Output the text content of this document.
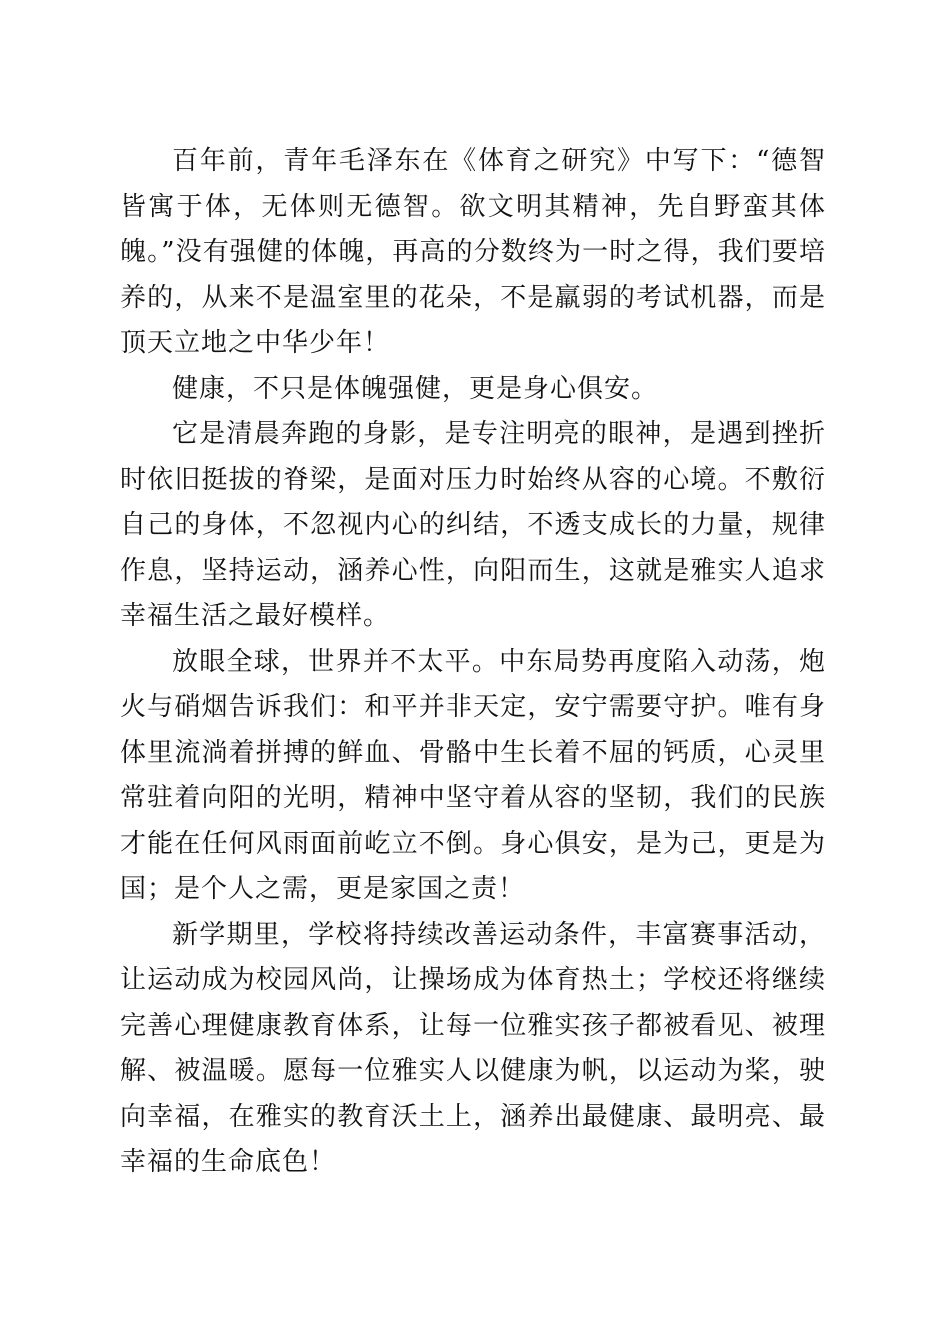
百年前，青年毛泽东在《体育之研究》中写下：“德智皆寓于体，无体则无德智。欲文明其精神，先自野蛮其体魄。”没有强健的体魄，再高的分数终为一时之得，我们要培养的，从来不是温室里的花朵，不是羸弱的考试机器，而是顶天立地之中华少年！

健康，不只是体魄强健，更是身心俱安。

它是清晨奔跑的身影，是专注明亮的眼神，是遇到挫折时依旧挺拔的脊梁，是面对压力时始终从容的心境。不敷衍自己的身体，不忽视内心的纠结，不透支成长的力量，规律作息，坚持运动，涵养心性，向阳而生，这就是雅实人追求幸福生活之最好模样。

放眼全球，世界并不太平。中东局势再度陷入动荡，炮火与硝烟告诉我们：和平并非天定，安宁需要守护。唯有身体里流淌着拼搏的鲜血、骨骼中生长着不屈的钙质，心灵里常驻着向阳的光明，精神中坚守着从容的坚韧，我们的民族才能在任何风雨面前屹立不倒。身心俱安，是为己，更是为国；是个人之需，更是家国之责！

新学期里，学校将持续改善运动条件，丰富赛事活动，让运动成为校园风尚，让操场成为体育热土；学校还将继续完善心理健康教育体系，让每一位雅实孩子都被看见、被理解、被温暖。愿每一位雅实人以健康为帆，以运动为桨，驶向幸福，在雅实的教育沃土上，涵养出最健康、最明亮、最幸福的生命底色！
